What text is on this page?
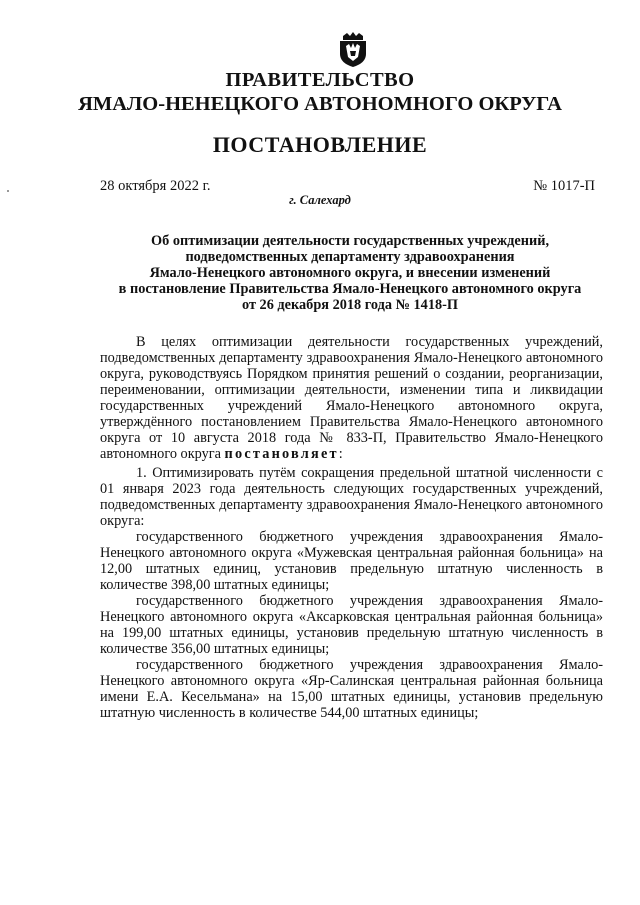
ПРАВИТЕЛЬСТВО
ЯМАЛО-НЕНЕЦКОГО АВТОНОМНОГО ОКРУГА
ПОСТАНОВЛЕНИЕ
28 октября 2022 г.	№ 1017-П
г. Салехард
Об оптимизации деятельности государственных учреждений,
подведомственных департаменту здравоохранения
Ямало-Ненецкого автономного округа, и внесении изменений
в постановление Правительства Ямало-Ненецкого автономного округа
от 26 декабря 2018 года № 1418-П

В целях оптимизации деятельности государственных учреждений, подведомственных департаменту здравоохранения Ямало-Ненецкого автономного округа, руководствуясь Порядком принятия решений о создании, реорганизации, переименовании, оптимизации деятельности, изменении типа и ликвидации государственных учреждений Ямало-Ненецкого автономного округа, утверждённого постановлением Правительства Ямало-Ненецкого автономного округа от 10 августа 2018 года № 833-П, Правительство Ямало-Ненецкого автономного округа постановляет:

1. Оптимизировать путём сокращения предельной штатной численности с 01 января 2023 года деятельность следующих государственных учреждений, подведомственных департаменту здравоохранения Ямало-Ненецкого автономного округа:

государственного бюджетного учреждения здравоохранения Ямало-Ненецкого автономного округа «Мужевская центральная районная больница» на 12,00 штатных единиц, установив предельную штатную численность в количестве 398,00 штатных единицы;

государственного бюджетного учреждения здравоохранения Ямало-Ненецкого автономного округа «Аксарковская центральная районная больница» на 199,00 штатных единицы, установив предельную штатную численность в количестве 356,00 штатных единицы;

государственного бюджетного учреждения здравоохранения Ямало-Ненецкого автономного округа «Яр-Салинская центральная районная больница имени Е.А. Кесельмана» на 15,00 штатных единицы, установив предельную штатную численность в количестве 544,00 штатных единицы;
